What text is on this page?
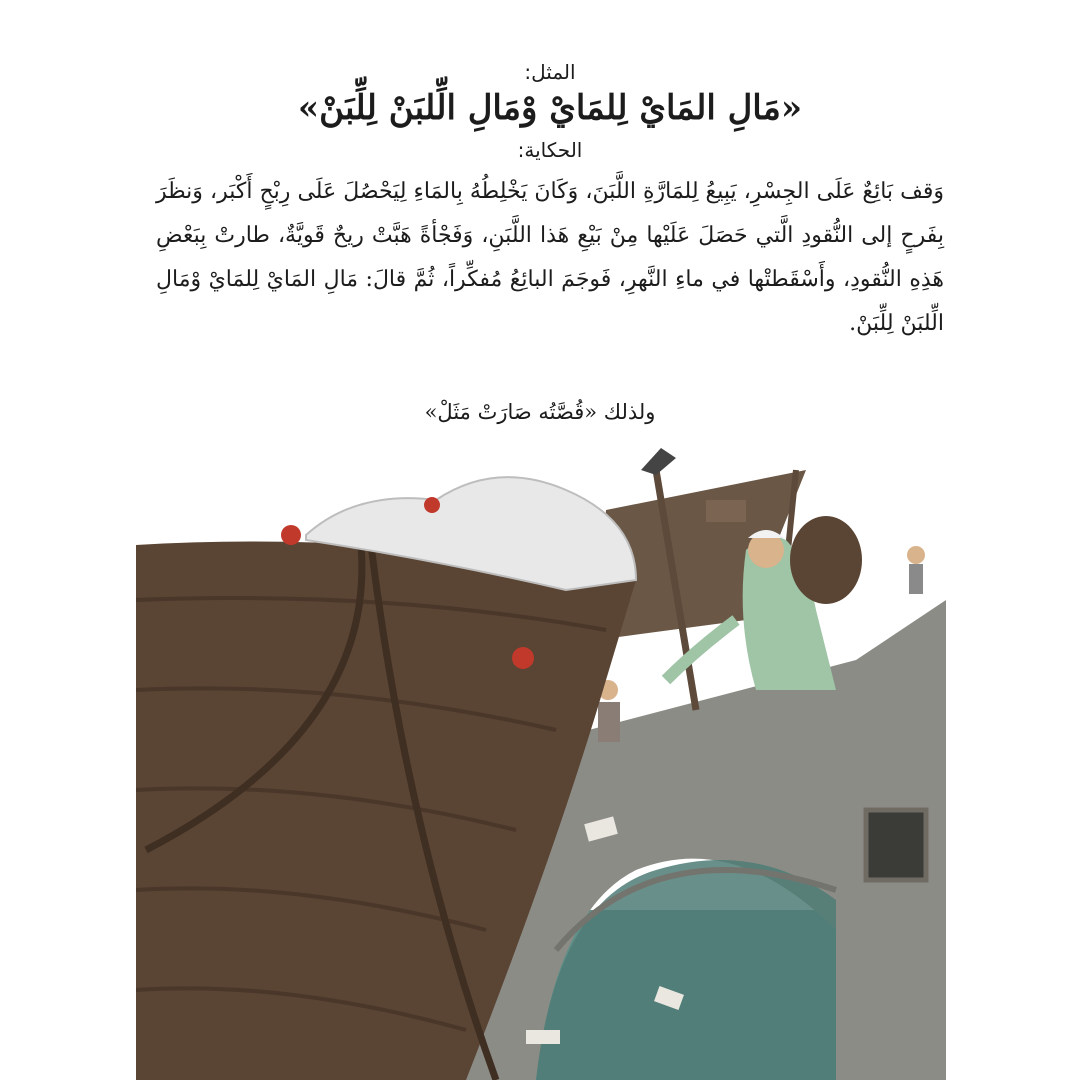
المثل:

«مَالِ المَايْ لِلمَايْ وْمَالِ الِّلبَنْ لِلِّبَنْ»

الحكاية:

وَقف بَائِعٌ عَلَى الجِسْرِ، يَبِيعُ لِلمَارَّةِ اللَّبَنَ، وَكَانَ يَخْلِطُهُ بِالمَاءِ لِيَحْصُلَ عَلَى رِبْحٍ أَكْبَر، وَنظَرَ بِفَرحٍ إلى النُّقودِ الَّتي حَصَلَ عَلَيْها مِنْ بَيْعِ هَذا اللَّبَنِ، وَفَجْأةً هَبَّتْ ريحٌ قَويَّةٌ، طارتْ بِبَعْضِ هَذِهِ النُّقودِ، وأَسْقَطتْها في ماءِ النَّهرِ، فَوجَمَ البائِعُ مُفكِّراً، ثُمَّ قالَ: مَالِ المَايْ لِلمَايْ وْمَالِ الِّلبَنْ لِلِّبَنْ.

ولذلك «قُصَّتُه صَارَتْ مَثَلْ»
